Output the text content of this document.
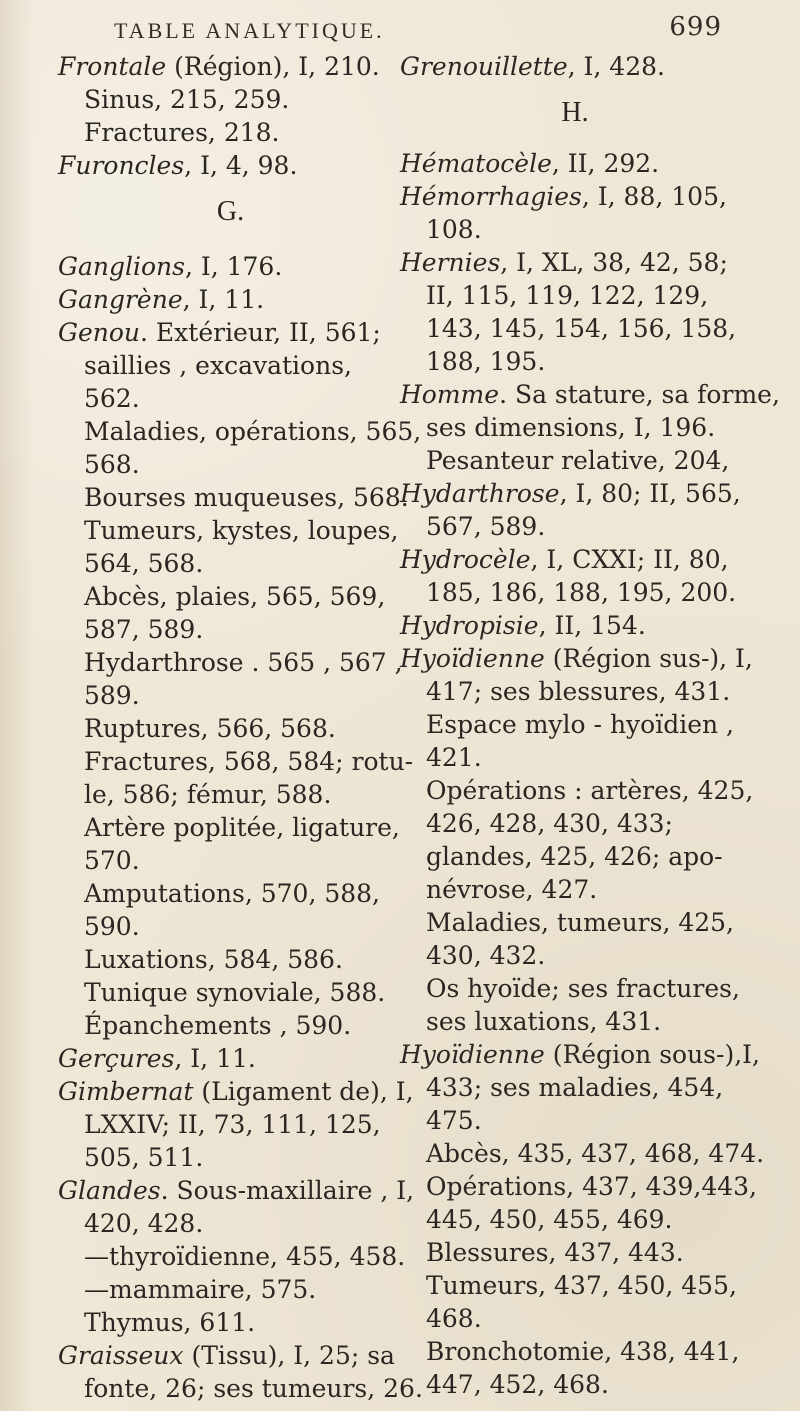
TABLE ANALYTIQUE.	699
Frontale (Région), I, 210.
Sinus, 215, 259.
Fractures, 218.
Furoncles, I, 4, 98.
G.
Ganglions, I, 176.
Gangrène, I, 11.
Genou. Extérieur, II, 561;
saillies , excavations,
562.
Maladies, opérations, 565,
568.
Bourses muqueuses, 568.
Tumeurs, kystes, loupes,
564, 568.
Abcès, plaies, 565, 569,
587, 589.
Hydarthrose . 565 , 567 ,
589.
Ruptures, 566, 568.
Fractures, 568, 584; rotu-
le, 586; fémur, 588.
Artère poplitée, ligature,
570.
Amputations, 570, 588,
590.
Luxations, 584, 586.
Tunique synoviale, 588.
Épanchements , 590.
Gerçures, I, 11.
Gimbernat (Ligament de), I,
LXXIV; II, 73, 111, 125,
505, 511.
Glandes. Sous-maxillaire , I,
420, 428.
—thyroïdienne, 455, 458.
—mammaire, 575.
Thymus, 611.
Graisseux (Tissu), I, 25; sa
fonte, 26; ses tumeurs, 26.
Grenouillette, I, 428.
H.
Hématocèle, II, 292.
Hémorrhagies, I, 88, 105,
108.
Hernies, I, XL, 38, 42, 58;
II, 115, 119, 122, 129,
143, 145, 154, 156, 158,
188, 195.
Homme. Sa stature, sa forme,
ses dimensions, I, 196.
Pesanteur relative, 204,
Hydarthrose, I, 80; II, 565,
567, 589.
Hydrocèle, I, CXXI; II, 80,
185, 186, 188, 195, 200.
Hydropisie, II, 154.
Hyoïdienne (Région sus-), I,
417; ses blessures, 431.
Espace mylo - hyoïdien ,
421.
Opérations : artères, 425,
426, 428, 430, 433;
glandes, 425, 426; apo-
névrose, 427.
Maladies, tumeurs, 425,
430, 432.
Os hyoïde; ses fractures,
ses luxations, 431.
Hyoïdienne (Région sous-),I,
433; ses maladies, 454,
475.
Abcès, 435, 437, 468, 474.
Opérations, 437, 439,443,
445, 450, 455, 469.
Blessures, 437, 443.
Tumeurs, 437, 450, 455,
468.
Bronchotomie, 438, 441,
447, 452, 468.
